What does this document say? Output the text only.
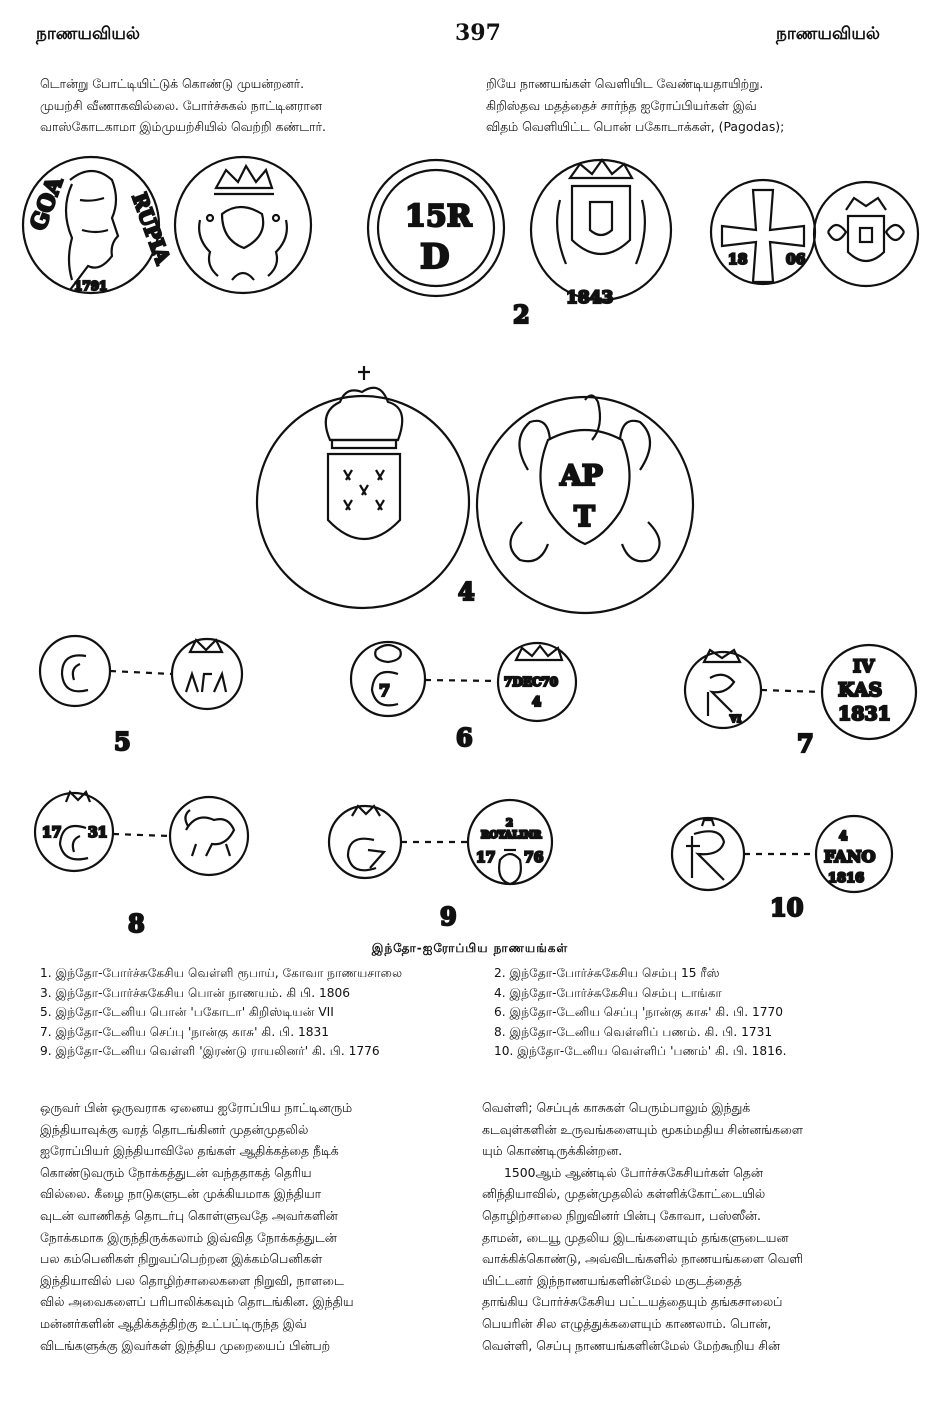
நாணயவியல்	397	நாணயவியல்
டொன்று போட்டியிட்டுக் கொண்டு முயன்றனர்.
முயற்சி வீணாகவில்லை. போர்ச்சுகல் நாட்டினரான
வாஸ்கோடகாமா இம்முயற்சியில் வெற்றி கண்டார்.
றியே நாணயங்கள் வெளியிட வேண்டியதாயிற்று.
கிறிஸ்தவ மதத்தைச் சார்ந்த ஐரோப்பியர்கள் இவ்
விதம் வெளியிட்ட பொன் பகோடாக்கள், (Pagodas);
GOA	RUPIA
1791
15R
D
1843
2
18	06
AP
T
4
5
7	7DEC70
4
6
VI
IV
KAS
1831
7
17 31
8
2
ROYALINR
17 76
9
4
FANO
1816
10
இந்தோ-ஐரோப்பிய நாணயங்கள்
1. இந்தோ-போர்ச்சுகேசிய வெள்ளி ரூபாய், கோவா நாணயசாலை
3. இந்தோ-போர்ச்சுகேசிய பொன் நாணயம். கி பி. 1806
5. இந்தோ-டேனிய பொன் 'பகோடா' கிறிஸ்டியன் VII
7. இந்தோ-டேனிய செப்பு 'நான்கு காசு' கி. பி. 1831
9. இந்தோ-டேனிய வெள்ளி 'இரண்டு ராயலினர்' கி. பி. 1776
2. இந்தோ-போர்ச்சுகேசிய செம்பு 15 ரீஸ்
4. இந்தோ-போர்ச்சுகேசிய செம்பு டாங்கா
6. இந்தோ-டேனிய செப்பு 'நான்கு காசு' கி. பி. 1770
8. இந்தோ-டேனிய வெள்ளிப் பணம். கி. பி. 1731
10. இந்தோ-டேனிய வெள்ளிப் 'பணம்' கி. பி. 1816.
ஒருவர் பின் ஒருவராக ஏனைய ஐரோப்பிய நாட்டினரும்
இந்தியாவுக்கு வரத் தொடங்கினர் முதன்முதலில்
ஐரோப்பியர் இந்தியாவிலே தங்கள் ஆதிக்கத்தை நீடிக்
கொண்டுவரும் நோக்கத்துடன் வந்ததாகத் தெரிய
வில்லை. கீழை நாடுகளுடன் முக்கியமாக இந்தியா
வுடன் வாணிகத் தொடர்பு கொள்ளுவதே அவர்களின்
நோக்கமாக இருந்திருக்கலாம் இவ்வித நோக்கத்துடன்
பல கம்பெனிகள் நிறுவப்பெற்றன இக்கம்பெனிகள்
இந்தியாவில் பல தொழிற்சாலைகளை நிறுவி, நாளடை
வில் அவைகளைப் பரிபாலிக்கவும் தொடங்கின. இந்திய
மன்னர்களின் ஆதிக்கத்திற்கு உட்பட்டிருந்த இவ்
விடங்களுக்கு இவர்கள் இந்திய முறையைப் பின்பற்
வெள்ளி; செப்புக் காசுகள் பெரும்பாலும் இந்துக்
கடவுள்களின் உருவங்களையும் மூகம்மதிய சின்னங்களை
யும் கொண்டிருக்கின்றன.
1500ஆம் ஆண்டில் போர்ச்சுகேசியர்கள் தென்
னிந்தியாவில், முதன்முதலில் கள்ளிக்கோட்டையில்
தொழிற்சாலை நிறுவினர் பின்பு கோவா, பஸ்ஸீன்.
தாமன், டையூ முதலிய இடங்களையும் தங்களுடையன
வாக்கிக்கொண்டு, அவ்விடங்களில் நாணயங்களை வெளி
யிட்டனர் இந்நாணயங்களின்மேல் மகுடத்தைத்
தாங்கிய போர்ச்சுகேசிய பட்டயத்தையும் தங்கசாலைப்
பெயரின் சில எழுத்துக்களையும் காணலாம். பொன்,
வெள்ளி, செப்பு நாணயங்களின்மேல் மேற்கூறிய சின்
